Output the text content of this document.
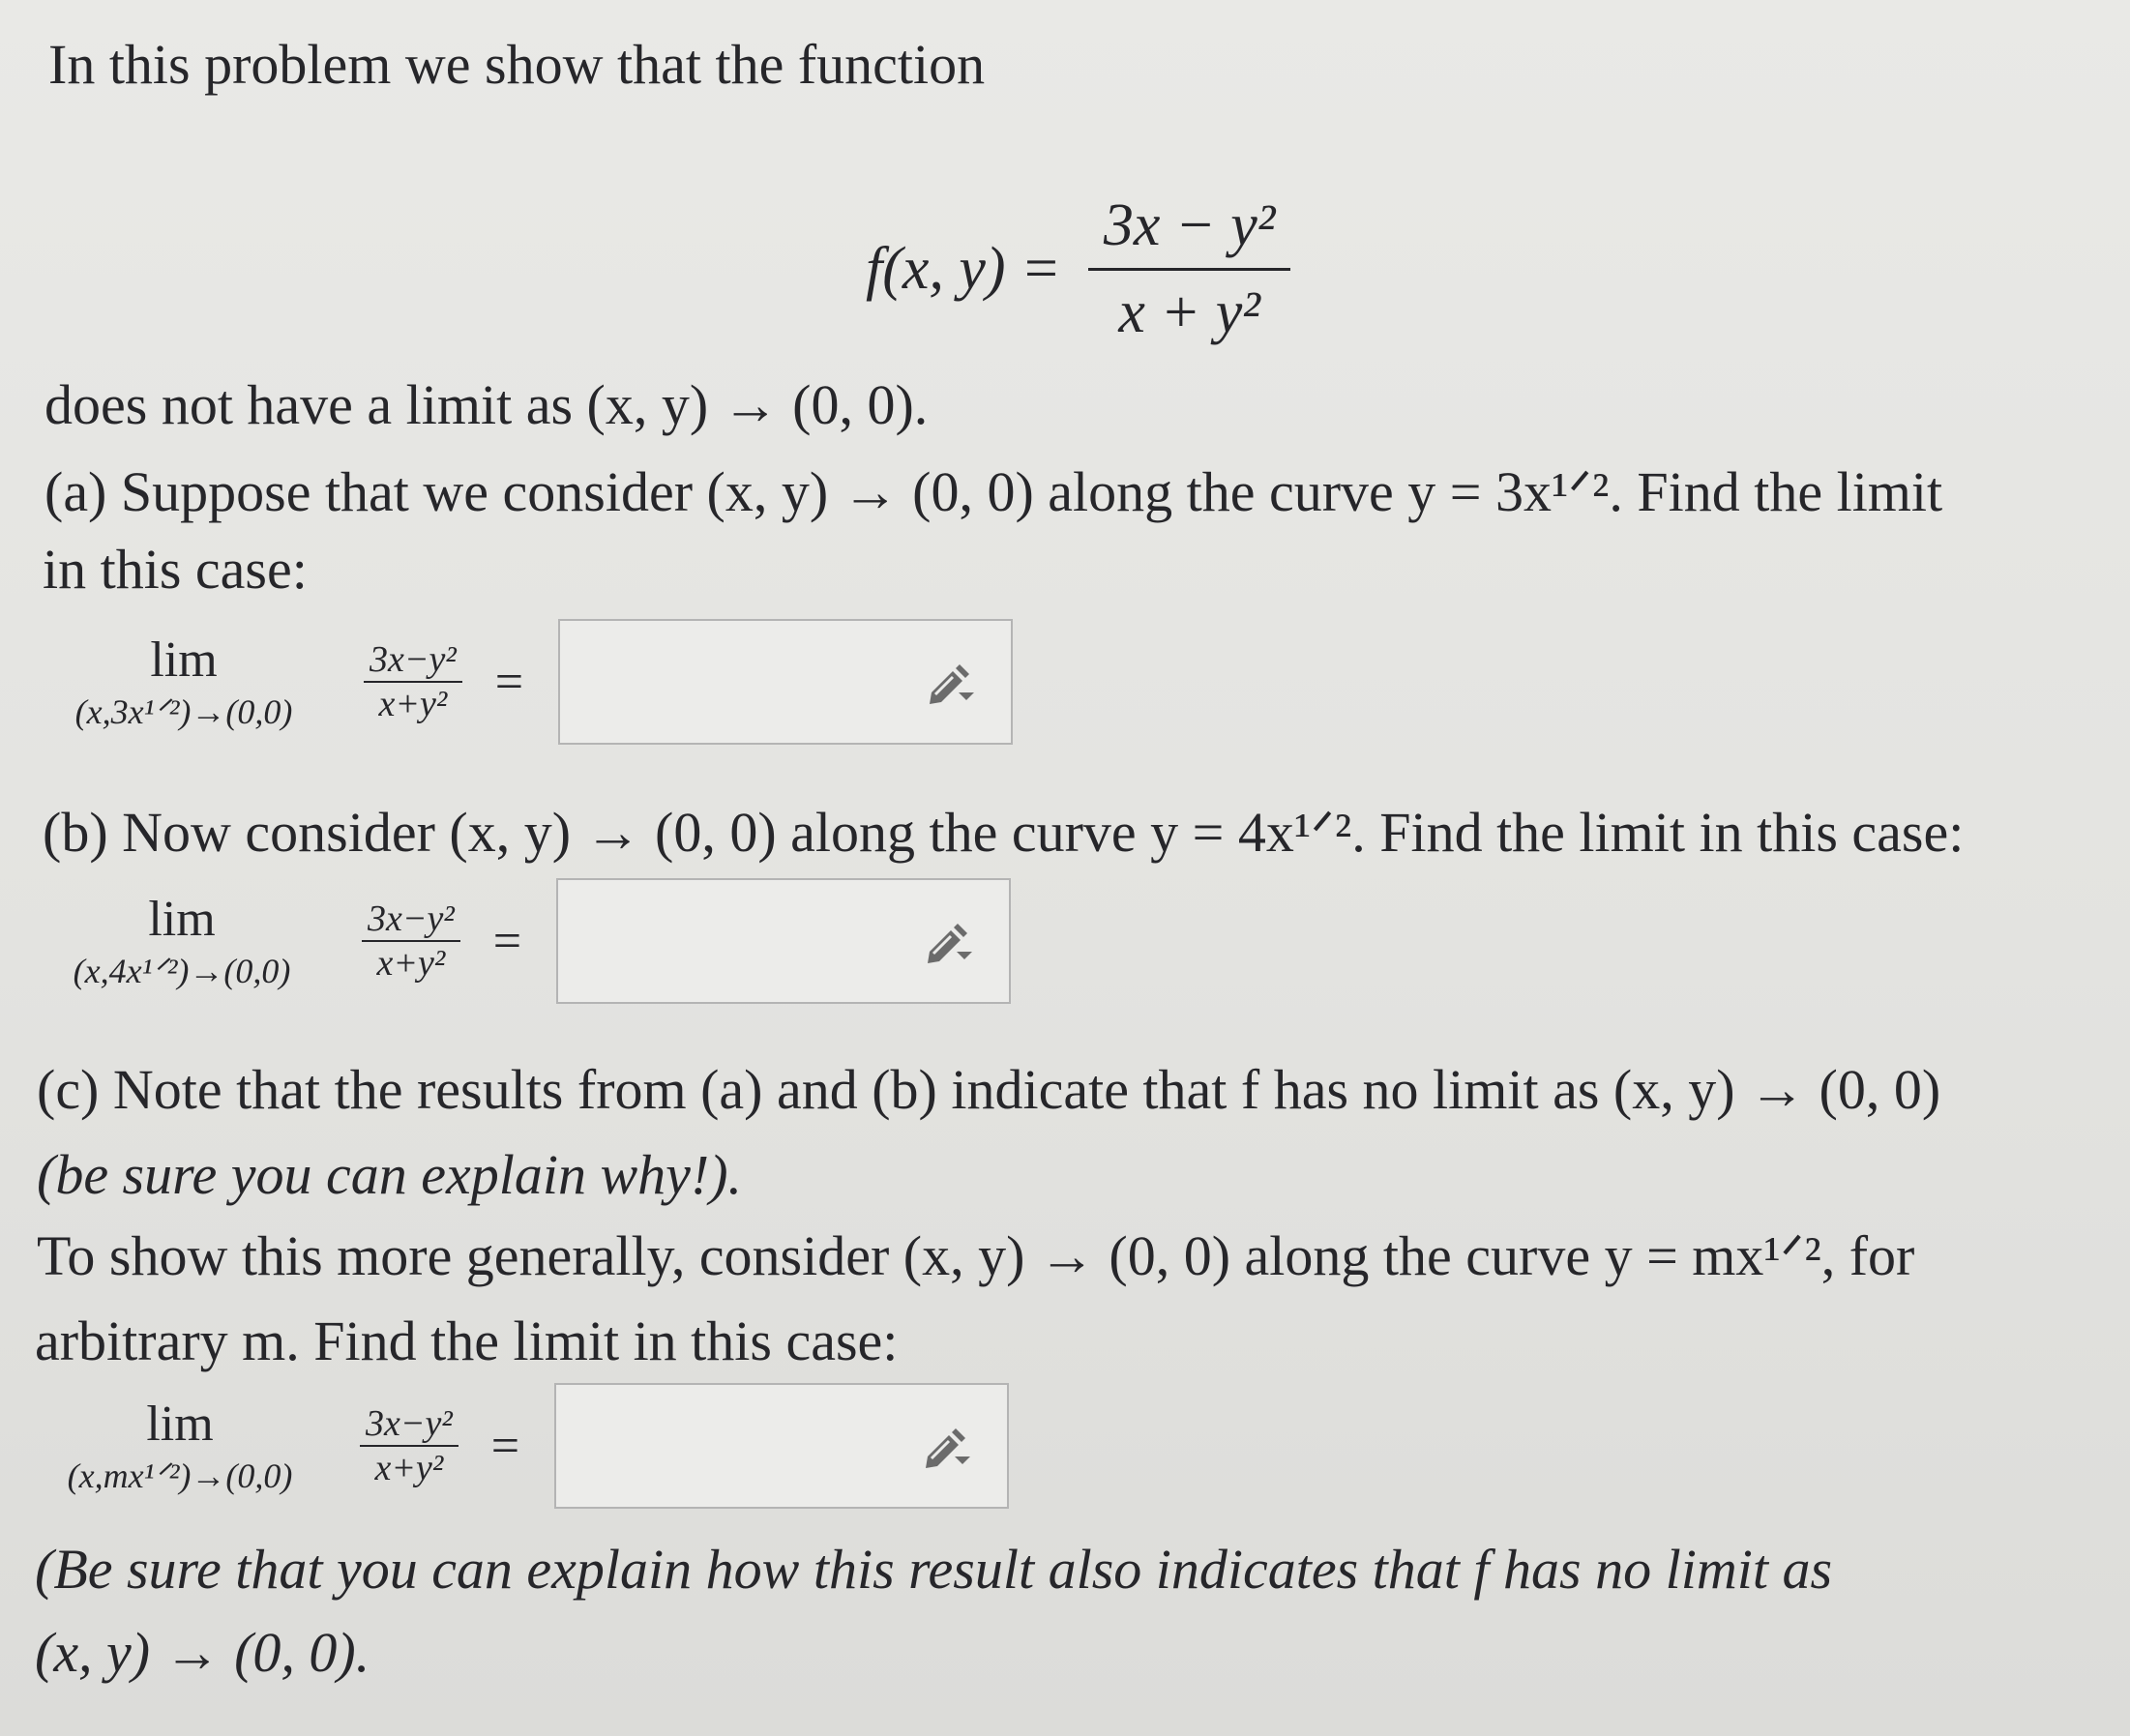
In this problem we show that the function
f(x, $y) = \frac{\text{3x − y²}}{\text{x + y²}}$
does not have a limit as (x, y) → (0, 0).
(a) Suppose that we consider (x, y) → (0, 0) along the curve y = 3x¹ᐟ². Find the limit
in this case:
lim
(x,3x¹ᐟ²)→(0,0) $\frac{\text{3x−y²}}{\text{x+y²}}$ =
(b) Now consider (x, y) → (0, 0) along the curve y = 4x¹ᐟ². Find the limit in this case:
lim
(x,4x¹ᐟ²)→(0,0) $\frac{\text{3x−y²}}{\text{x+y²}}$ =
(c) Note that the results from (a) and (b) indicate that f has no limit as (x, y) → (0, 0)
(be sure you can explain why!).
To show this more generally, consider (x, y) → (0, 0) along the curve y = mx¹ᐟ², for
arbitrary m. Find the limit in this case:
lim
(x,mx¹ᐟ²)→(0,0) $\frac{\text{3x−y²}}{\text{x+y²}}$ =
(Be sure that you can explain how this result also indicates that f has no limit as
(x, y) → (0, 0).
